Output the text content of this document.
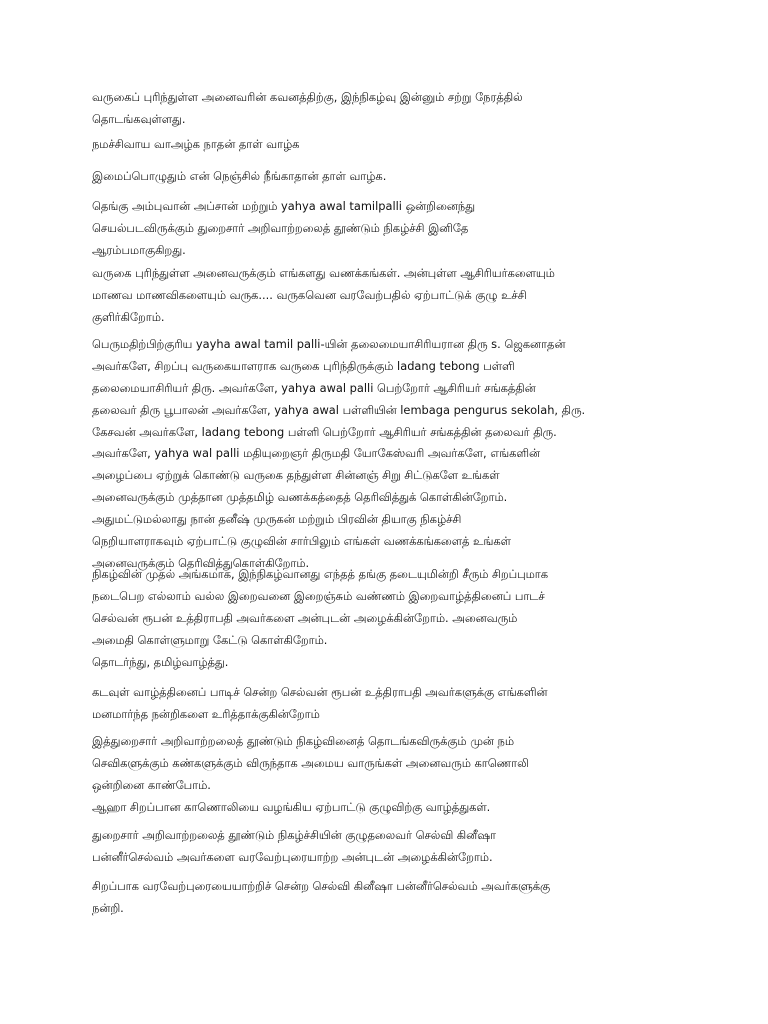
வருகைப் புரிந்துள்ள அனைவரின் கவனத்திற்கு, இந்நிகழ்வு இன்னும் சற்று நேரத்தில்
தொடங்கவுள்ளது.

நமச்சிவாய வாஅழ்க நாதன் தாள் வாழ்க

இமைப்பொழுதும் என் நெஞ்சில் நீங்காதான் தாள் வாழ்க.

தெங்கு அம்புவான் அப்சான் மற்றும் yahya awal tamilpalli ஒன்றினைந்து
செயல்படவிருக்கும் துறைசார் அறிவாற்றலைத் தூண்டும் நிகழ்ச்சி இனிதே
ஆரம்பமாகுகிறது.

வருகை புரிந்துள்ள அனைவருக்கும் எங்களது வணக்கங்கள். அன்புள்ள ஆசிரியர்களையும்
மாணவ மாணவிகளையும் வருக.... வருகவென வரவேற்பதில் ஏற்பாட்டுக் குழு உச்சி
குளிர்கிறோம்.

பெருமதிற்பிற்குரிய yayha awal tamil palli-யின் தலைமையாசிரியரான திரு s. ஜெகனாதன்
அவர்களே, சிறப்பு வருகையாளராக வருகை புரிந்திருக்கும் ladang tebong பள்ளி
தலைமையாசிரியர் திரு. அவர்களே, yahya awal palli பெற்றோர் ஆசிரியர் சங்கத்தின்
தலைவர் திரு பூபாலன் அவர்களே, yahya awal பள்ளியின் lembaga pengurus sekolah, திரு.
கேசவன் அவர்களே, ladang tebong பள்ளி பெற்றோர் ஆசிரியர் சங்கத்தின் தலைவர் திரு.
அவர்களே, yahya wal palli மதியுறைஞர் திருமதி யோகேஸ்வரி அவர்களே, எங்களின்
அழைப்பை ஏற்றுக் கொண்டு வருகை தந்துள்ள சின்னஞ் சிறு சிட்டுகளே உங்கள்
அனைவருக்கும் முத்தான முத்தமிழ் வணக்கத்தைத் தெரிவித்துக் கொள்கின்றோம்.
அதுமட்டுமல்லாது நான் தனீஷ் முருகன் மற்றும் பிரவின் தியாகு நிகழ்ச்சி
நெறியாளராகவும் ஏற்பாட்டு குழுவின் சார்பிலும் எங்கள் வணக்கங்களைத் உங்கள்
அனைவருக்கும் தெரிவித்துகொள்கிறோம்.

நிகழ்வின் முதல் அங்கமாக, இந்நிகழ்வானது எந்தத் தங்கு தடையுமின்றி சீரும் சிறப்புமாக
நடைபெற எல்லாம் வல்ல இறைவனை இறைஞ்சும் வண்ணம் இறைவாழ்த்தினைப் பாடச்
செல்வன் ரூபன் உத்திராபதி அவர்களை அன்புடன் அழைக்கின்றோம். அனைவரும்
அமைதி கொள்ளுமாறு கேட்டு கொள்கிறோம்.

தொடர்ந்து, தமிழ்வாழ்த்து.

கடவுள் வாழ்த்தினைப் பாடிச் சென்ற செல்வன் ரூபன் உத்திராபதி அவர்களுக்கு எங்களின்
மனமார்ந்த நன்றிகளை உரித்தாக்குகின்றோம்

இத்துறைசார் அறிவாற்றலைத் தூண்டும் நிகழ்வினைத் தொடங்கவிருக்கும் முன் நம்
செவிகளுக்கும் கண்களுக்கும் விருந்தாக அமைய வாருங்கள் அனைவரும் காணொலி
ஒன்றினை காண்போம்.

ஆஹா சிறப்பான காணொலியை வழங்கிய ஏற்பாட்டு குழுவிற்கு வாழ்த்துகள்.

துறைசார் அறிவாற்றலைத் தூண்டும் நிகழ்ச்சியின் குழுதலைவர் செல்வி கினீஷா
பன்னீர்செல்வம் அவர்களை வரவேற்புரையாற்ற அன்புடன் அழைக்கின்றோம்.

சிறப்பாக வரவேற்புரையையாற்றிச் சென்ற செல்வி கினீஷா பன்னீர்செல்வம் அவர்களுக்கு
நன்றி.
